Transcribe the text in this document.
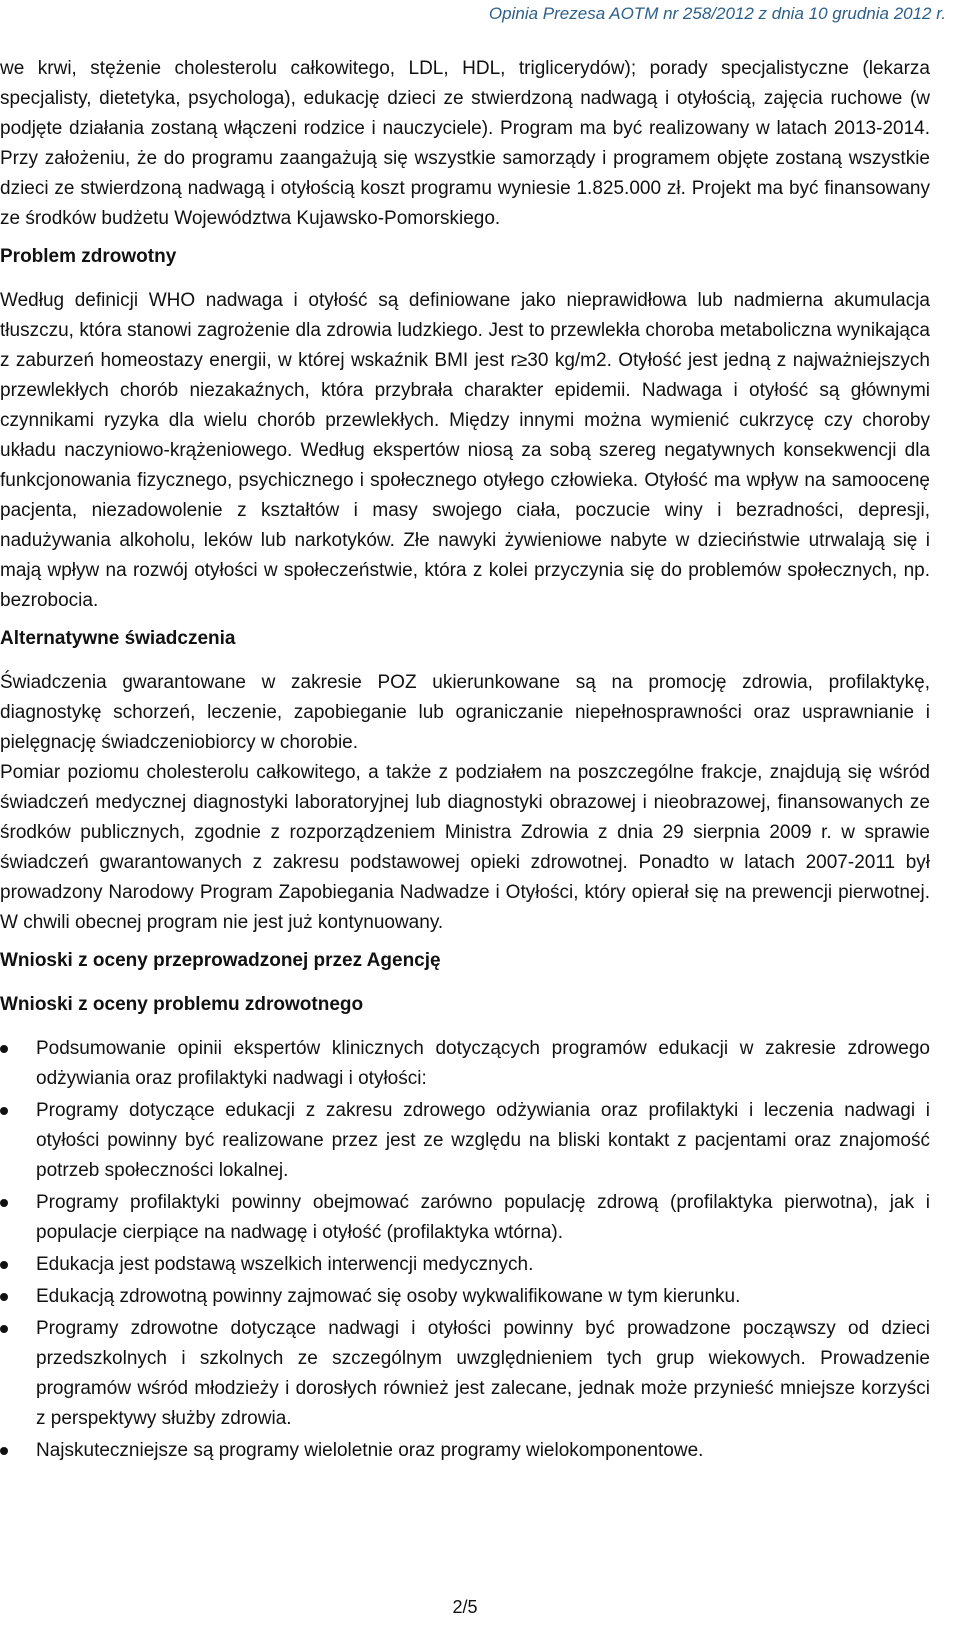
Opinia Prezesa AOTM nr 258/2012 z dnia 10 grudnia 2012 r.

we krwi, stężenie cholesterolu całkowitego, LDL, HDL, triglicerydów); porady specjalistyczne (lekarza specjalisty, dietetyka, psychologa), edukację dzieci ze stwierdzoną nadwagą i otyłością, zajęcia ruchowe (w podjęte działania zostaną włączeni rodzice i nauczyciele). Program ma być realizowany w latach 2013-2014. Przy założeniu, że do programu zaangażują się wszystkie samorządy i programem objęte zostaną wszystkie dzieci ze stwierdzoną nadwagą i otyłością koszt programu wyniesie 1.825.000 zł. Projekt ma być finansowany ze środków budżetu Województwa Kujawsko-Pomorskiego.

Problem zdrowotny

Według definicji WHO nadwaga i otyłość są definiowane jako nieprawidłowa lub nadmierna akumulacja tłuszczu, która stanowi zagrożenie dla zdrowia ludzkiego. Jest to przewlekła choroba metaboliczna wynikająca z zaburzeń homeostazy energii, w której wskaźnik BMI jest r≥30 kg/m2. Otyłość jest jedną z najważniejszych przewlekłych chorób niezakaźnych, która przybrała charakter epidemii. Nadwaga i otyłość są głównymi czynnikami ryzyka dla wielu chorób przewlekłych. Między innymi można wymienić cukrzycę czy choroby układu naczyniowo-krążeniowego. Według ekspertów niosą za sobą szereg negatywnych konsekwencji dla funkcjonowania fizycznego, psychicznego i społecznego otyłego człowieka. Otyłość ma wpływ na samoocenę pacjenta, niezadowolenie z kształtów i masy swojego ciała, poczucie winy i bezradności, depresji, nadużywania alkoholu, leków lub narkotyków. Złe nawyki żywieniowe nabyte w dzieciństwie utrwalają się i mają wpływ na rozwój otyłości w społeczeństwie, która z kolei przyczynia się do problemów społecznych, np. bezrobocia.

Alternatywne świadczenia

Świadczenia gwarantowane w zakresie POZ ukierunkowane są na promocję zdrowia, profilaktykę, diagnostykę schorzeń, leczenie, zapobieganie lub ograniczanie niepełnosprawności oraz usprawnianie i pielęgnację świadczeniobiorcy w chorobie.

Pomiar poziomu cholesterolu całkowitego, a także z podziałem na poszczególne frakcje, znajdują się wśród świadczeń medycznej diagnostyki laboratoryjnej lub diagnostyki obrazowej i nieobrazowej, finansowanych ze środków publicznych, zgodnie z rozporządzeniem Ministra Zdrowia z dnia 29 sierpnia 2009 r. w sprawie świadczeń gwarantowanych z zakresu podstawowej opieki zdrowotnej. Ponadto w latach 2007-2011 był prowadzony Narodowy Program Zapobiegania Nadwadze i Otyłości, który opierał się na prewencji pierwotnej. W chwili obecnej program nie jest już kontynuowany.

Wnioski z oceny przeprowadzonej przez Agencję
Wnioski z oceny problemu zdrowotnego
Podsumowanie opinii ekspertów klinicznych dotyczących programów edukacji w zakresie zdrowego odżywiania oraz profilaktyki nadwagi i otyłości:
Programy dotyczące edukacji z zakresu zdrowego odżywiania oraz profilaktyki i leczenia nadwagi i otyłości powinny być realizowane przez jest ze względu na bliski kontakt z pacjentami oraz znajomość potrzeb społeczności lokalnej.
Programy profilaktyki powinny obejmować zarówno populację zdrową (profilaktyka pierwotna), jak i populacje cierpiące na nadwagę i otyłość (profilaktyka wtórna).
Edukacja jest podstawą wszelkich interwencji medycznych.
Edukacją zdrowotną powinny zajmować się osoby wykwalifikowane w tym kierunku.
Programy zdrowotne dotyczące nadwagi i otyłości powinny być prowadzone począwszy od dzieci przedszkolnych i szkolnych ze szczególnym uwzględnieniem tych grup wiekowych. Prowadzenie programów wśród młodzieży i dorosłych również jest zalecane, jednak może przynieść mniejsze korzyści z perspektywy służby zdrowia.
Najskuteczniejsze są programy wieloletnie oraz programy wielokomponentowe.
2/5
